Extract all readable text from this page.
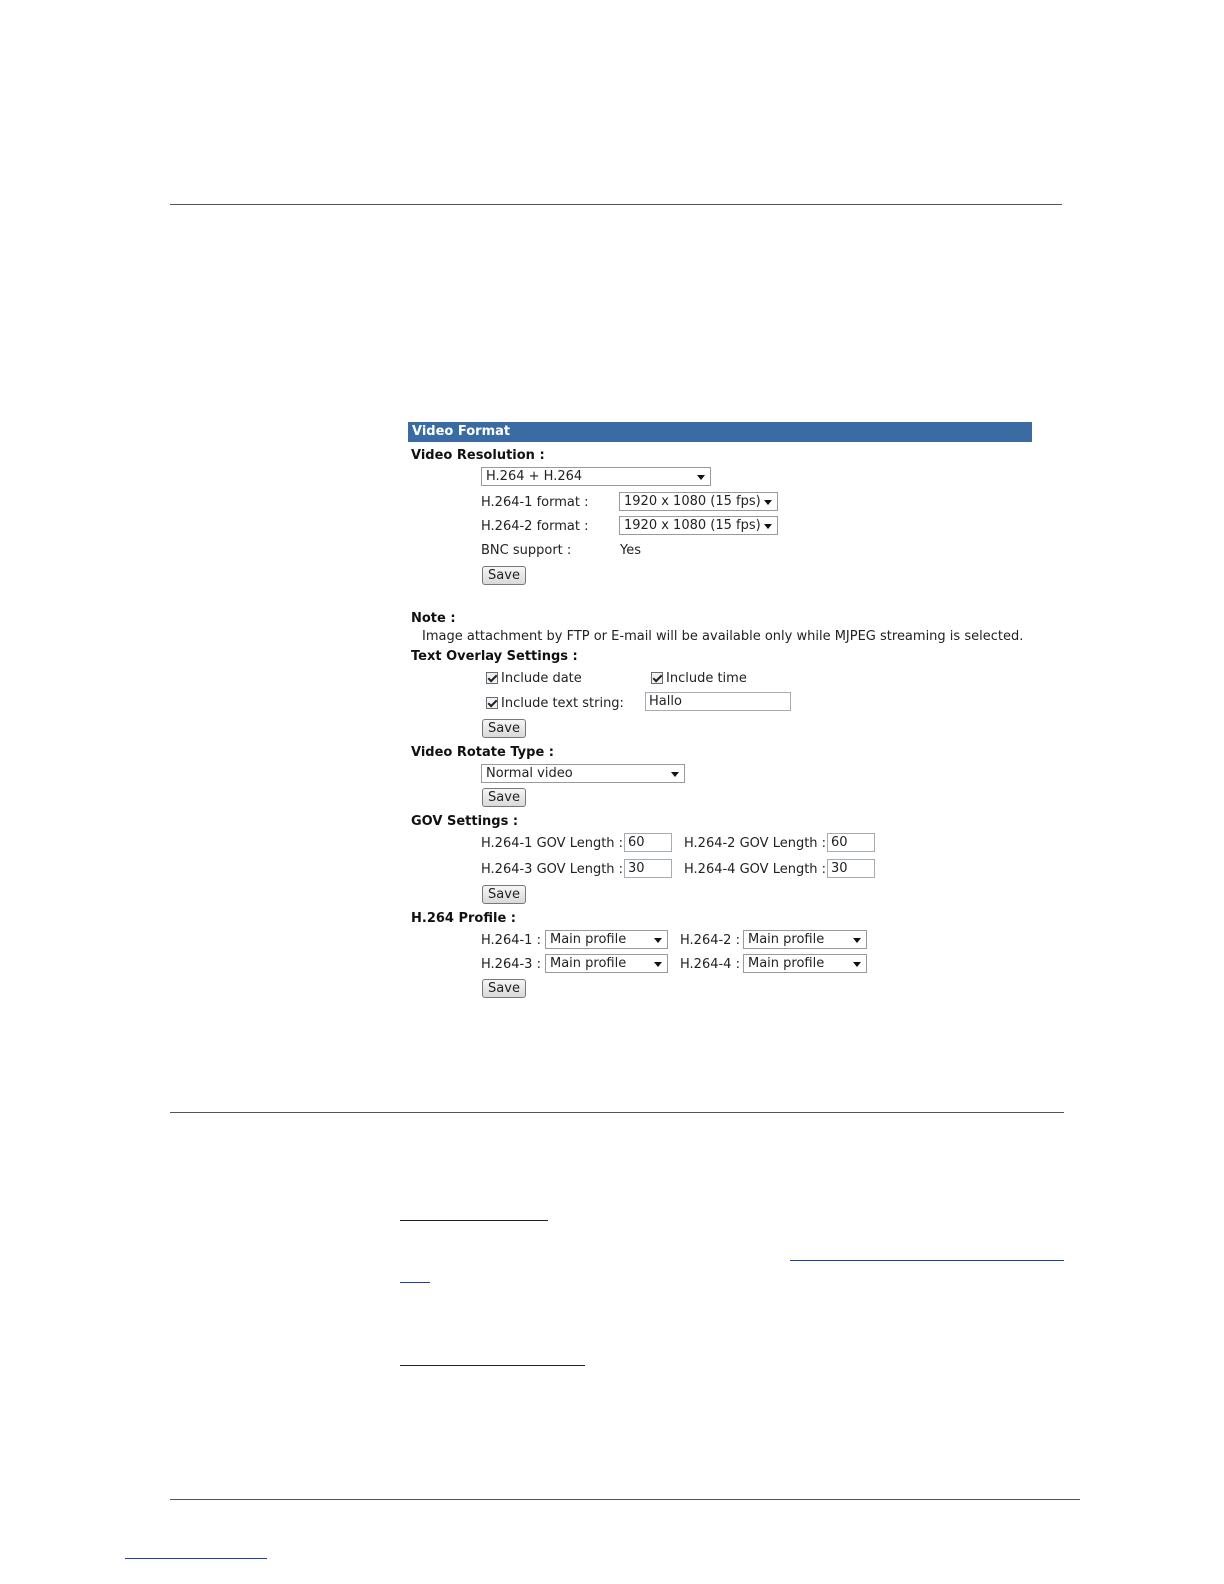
Video Format
Video Resolution :
H.264 + H.264
H.264-1 format :	1920 x 1080 (15 fps)
H.264-2 format :	1920 x 1080 (15 fps)
BNC support :	Yes
Save
Note :
Image attachment by FTP or E-mail will be available only while MJPEG streaming is selected.
Text Overlay Settings :
Include date	Include time
Include text string:	Hallo
Save
Video Rotate Type :
Normal video
Save
GOV Settings :
H.264-1 GOV Length : 60	H.264-2 GOV Length : 60
H.264-3 GOV Length : 30	H.264-4 GOV Length : 30
Save
H.264 Profile :
H.264-1 : Main profile	H.264-2 : Main profile
H.264-3 : Main profile	H.264-4 : Main profile
Save
